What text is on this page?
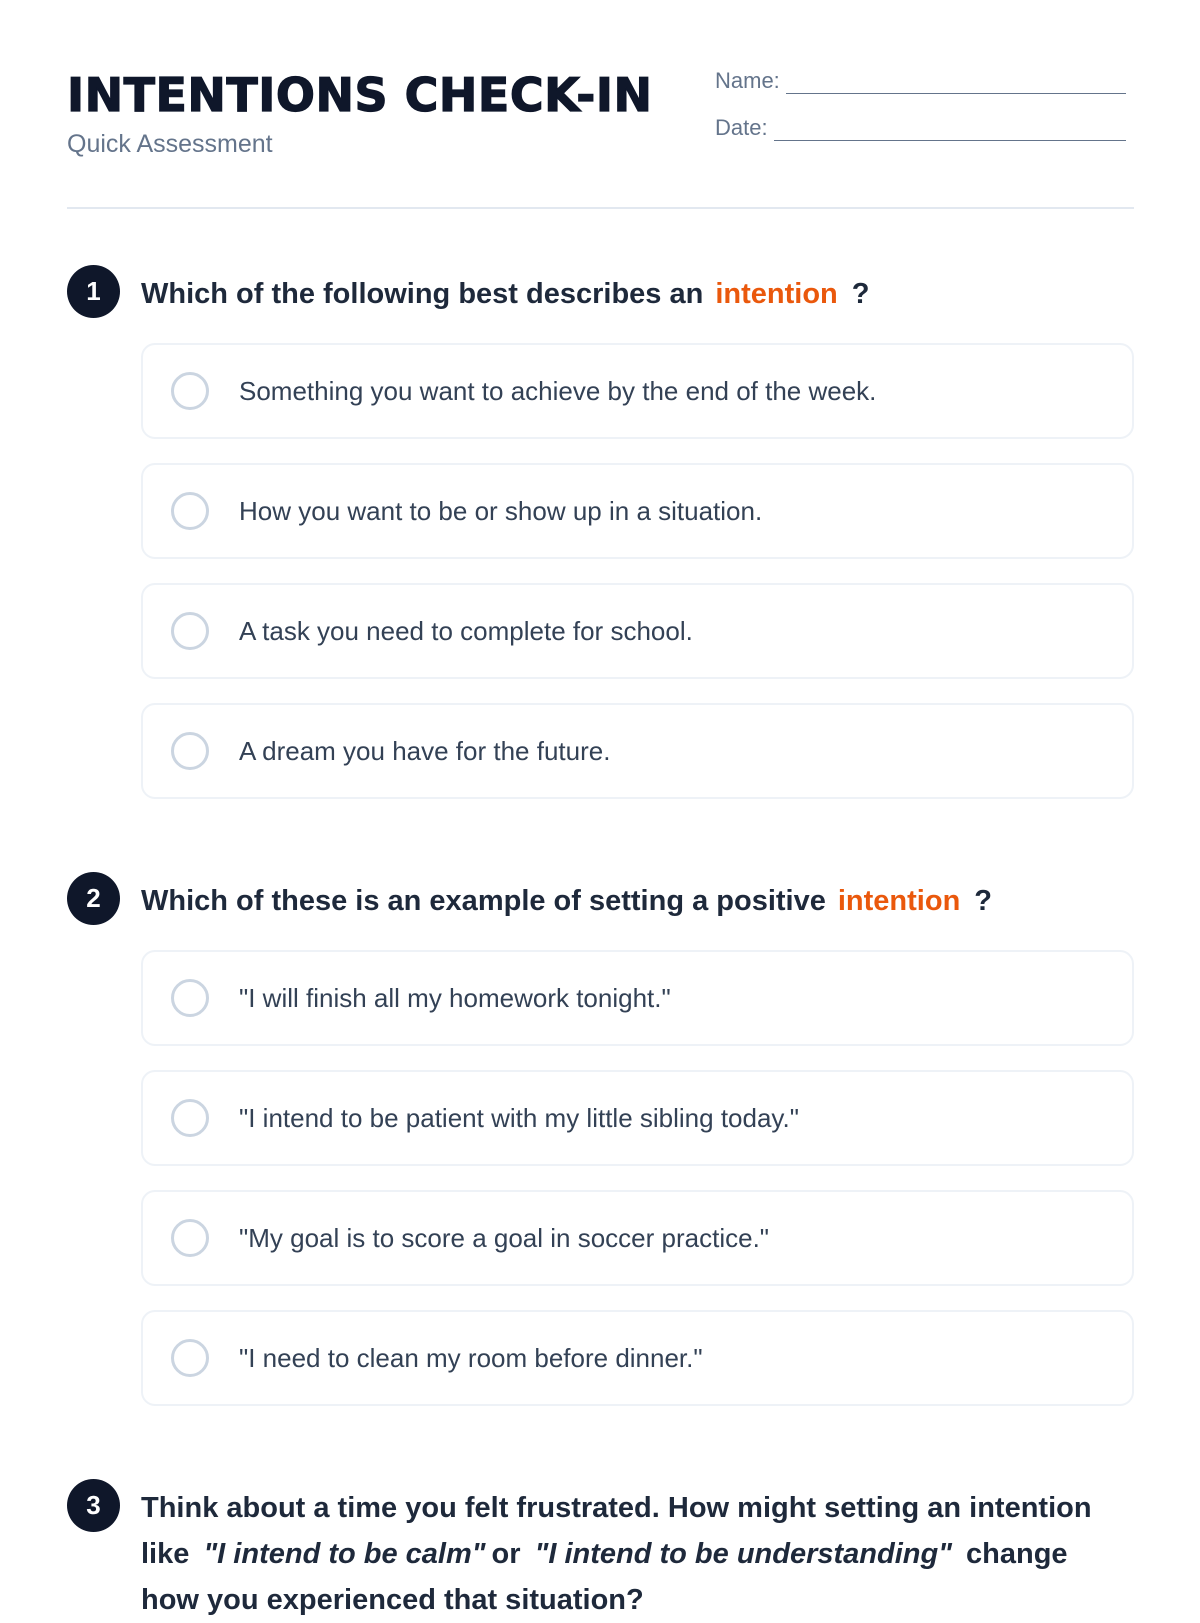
INTENTIONS CHECK-IN
Quick Assessment
Name:
Date:
1	Which of the following best describes an intention ?
Something you want to achieve by the end of the week.
How you want to be or show up in a situation.
A task you need to complete for school.
A dream you have for the future.
2	Which of these is an example of setting a positive intention ?
"I will finish all my homework tonight."
"I intend to be patient with my little sibling today."
"My goal is to score a goal in soccer practice."
"I need to clean my room before dinner."
3	Think about a time you felt frustrated. How might setting an intention like "I intend to be calm" or "I intend to be understanding" change how you experienced that situation?
